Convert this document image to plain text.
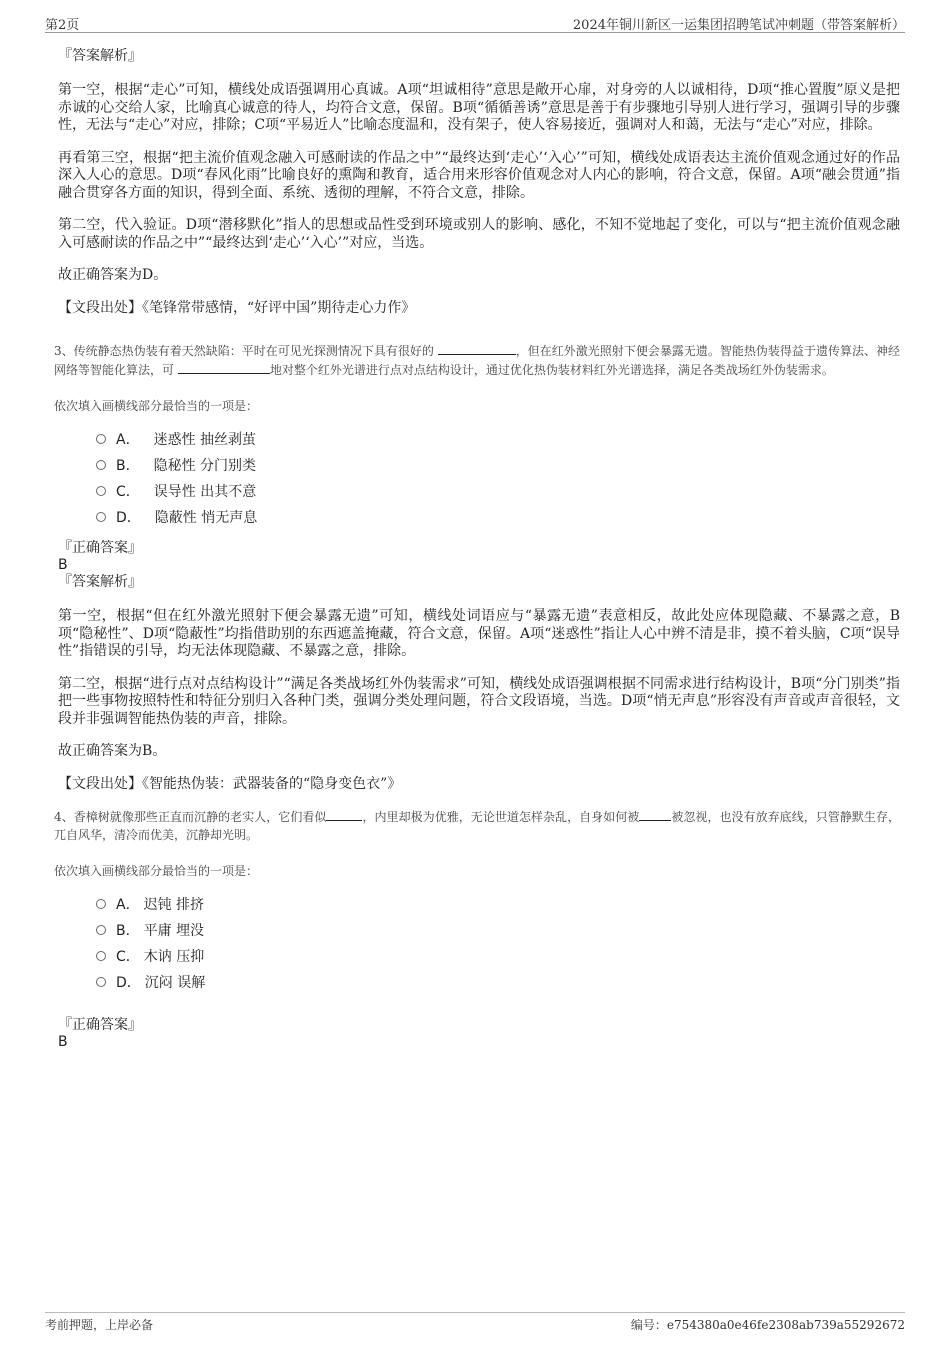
第2页	2024年铜川新区一运集团招聘笔试冲刺题（带答案解析）

『答案解析』

第一空，根据“走心”可知，横线处成语强调用心真诚。A项“坦诚相待”意思是敞开心扉，对身旁的人以诚相待，D项“推心置腹”原义是把赤诚的心交给人家，比喻真心诚意的待人，均符合文意，保留。B项“循循善诱”意思是善于有步骤地引导别人进行学习，强调引导的步骤性，无法与“走心”对应，排除；C项“平易近人”比喻态度温和，没有架子，使人容易接近，强调对人和蔼，无法与“走心”对应，排除。

再看第三空，根据“把主流价值观念融入可感耐读的作品之中”“最终达到‘走心’‘入心’”可知，横线处成语表达主流价值观念通过好的作品深入人心的意思。D项“春风化雨”比喻良好的熏陶和教育，适合用来形容价值观念对人内心的影响，符合文意，保留。A项“融会贯通”指融合贯穿各方面的知识，得到全面、系统、透彻的理解，不符合文意，排除。

第二空，代入验证。D项“潜移默化”指人的思想或品性受到环境或别人的影响、感化，不知不觉地起了变化，可以与“把主流价值观念融入可感耐读的作品之中”“最终达到‘走心’‘入心’”对应，当选。

故正确答案为D。

【文段出处】《笔锋常带感情，“好评中国”期待走心力作》

3、传统静态热伪装有着天然缺陷：平时在可见光探测情况下具有很好的	，但在红外激光照射下便会暴露无遗。智能热伪装得益于遗传算法、神经网络等智能化算法，可	地对整个红外光谱进行点对点结构设计，通过优化热伪装材料红外光谱选择，满足各类战场红外伪装需求。

依次填入画横线部分最恰当的一项是：

A． 迷惑性 抽丝剥茧
B． 隐秘性 分门别类
C． 误导性 出其不意
D． 隐蔽性 悄无声息

『正确答案』

B

『答案解析』

第一空，根据“但在红外激光照射下便会暴露无遗”可知，横线处词语应与“暴露无遗”表意相反，故此处应体现隐藏、不暴露之意，B项“隐秘性”、D项“隐蔽性”均指借助别的东西遮盖掩藏，符合文意，保留。A项“迷惑性”指让人心中辨不清是非，摸不着头脑，C项“误导性”指错误的引导，均无法体现隐藏、不暴露之意，排除。

第二空，根据“进行点对点结构设计”“满足各类战场红外伪装需求”可知，横线处成语强调根据不同需求进行结构设计，B项“分门别类”指把一些事物按照特性和特征分别归入各种门类，强调分类处理问题，符合文段语境，当选。D项“悄无声息”形容没有声音或声音很轻，文段并非强调智能热伪装的声音，排除。

故正确答案为B。

【文段出处】《智能热伪装：武器装备的“隐身变色衣”》

4、香樟树就像那些正直而沉静的老实人，它们看似	，内里却极为优雅，无论世道怎样杂乱，自身如何被	被忽视，也没有放弃底线，只管静默生存，兀自风华，清冷而优美，沉静却光明。

依次填入画横线部分最恰当的一项是：

A． 迟钝 排挤
B． 平庸 埋没
C． 木讷 压抑
D． 沉闷 误解

『正确答案』

B

考前押题，上岸必备	编号：e754380a0e46fe2308ab739a55292672
